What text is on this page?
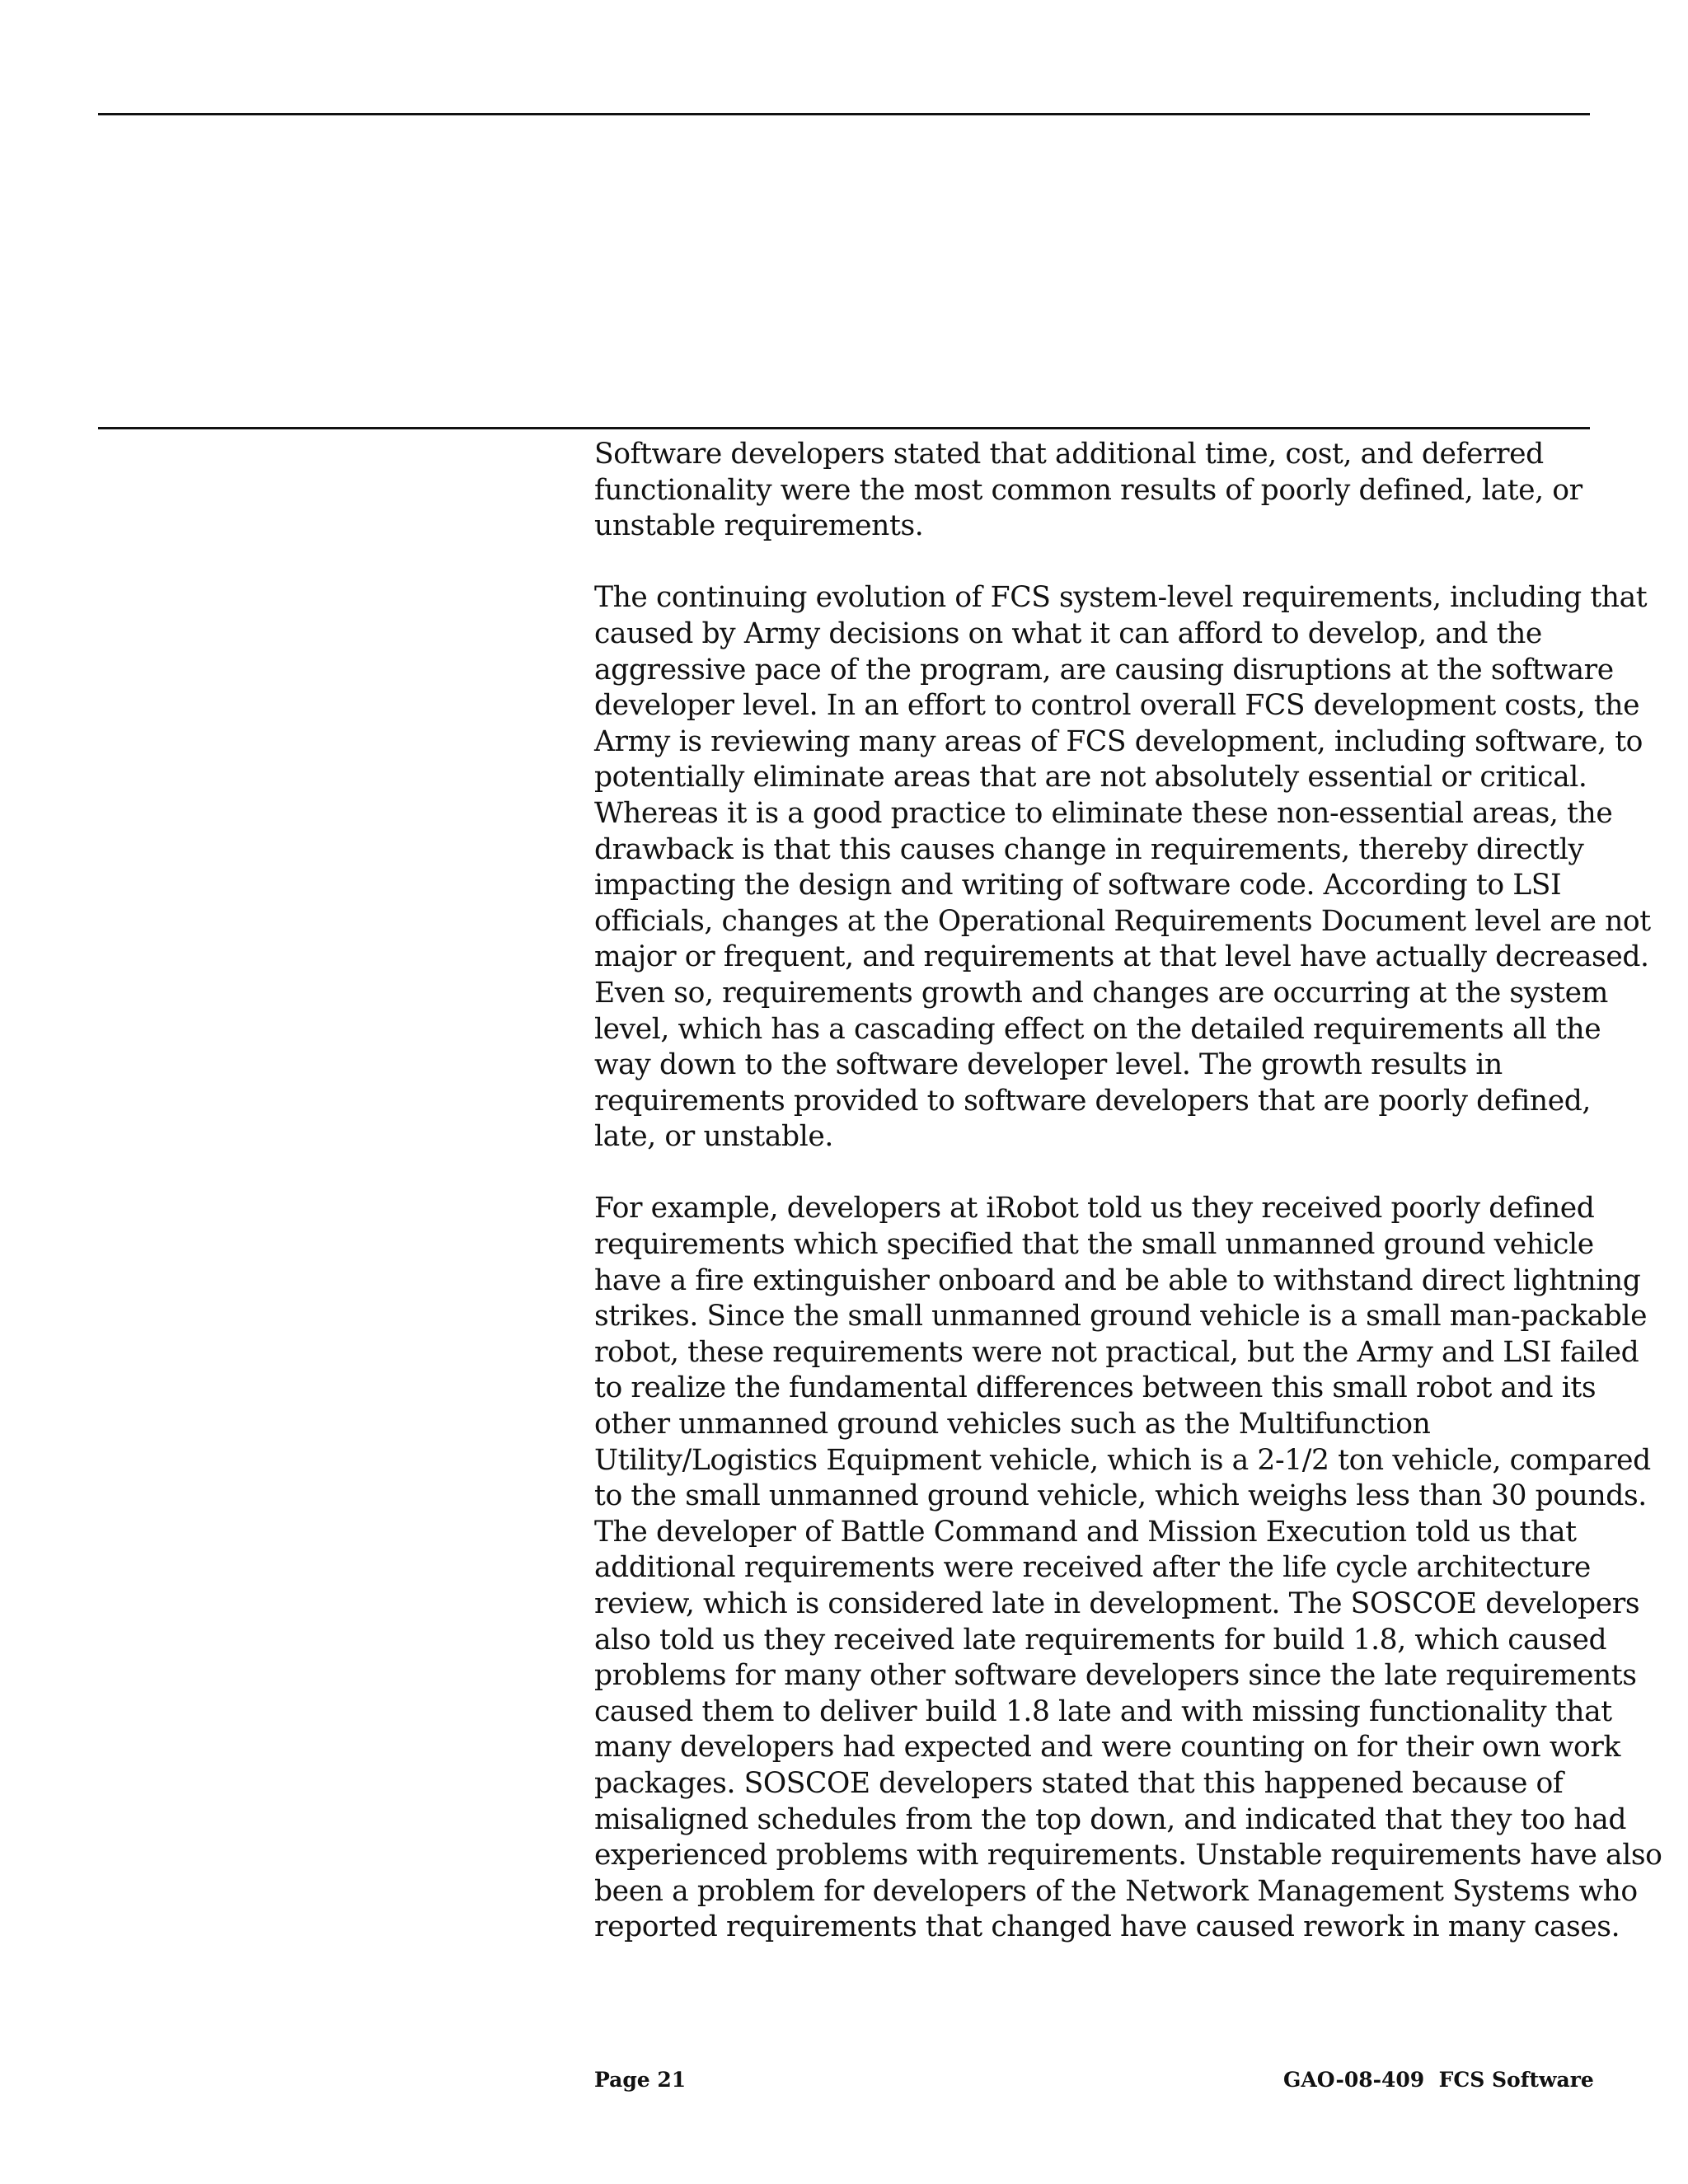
Software developers stated that additional time, cost, and deferred
functionality were the most common results of poorly defined, late, or
unstable requirements.

The continuing evolution of FCS system-level requirements, including that
caused by Army decisions on what it can afford to develop, and the
aggressive pace of the program, are causing disruptions at the software
developer level. In an effort to control overall FCS development costs, the
Army is reviewing many areas of FCS development, including software, to
potentially eliminate areas that are not absolutely essential or critical.
Whereas it is a good practice to eliminate these non-essential areas, the
drawback is that this causes change in requirements, thereby directly
impacting the design and writing of software code. According to LSI
officials, changes at the Operational Requirements Document level are not
major or frequent, and requirements at that level have actually decreased.
Even so, requirements growth and changes are occurring at the system
level, which has a cascading effect on the detailed requirements all the
way down to the software developer level. The growth results in
requirements provided to software developers that are poorly defined,
late, or unstable.

For example, developers at iRobot told us they received poorly defined
requirements which specified that the small unmanned ground vehicle
have a fire extinguisher onboard and be able to withstand direct lightning
strikes. Since the small unmanned ground vehicle is a small man-packable
robot, these requirements were not practical, but the Army and LSI failed
to realize the fundamental differences between this small robot and its
other unmanned ground vehicles such as the Multifunction
Utility/Logistics Equipment vehicle, which is a 2-1/2 ton vehicle, compared
to the small unmanned ground vehicle, which weighs less than 30 pounds.
The developer of Battle Command and Mission Execution told us that
additional requirements were received after the life cycle architecture
review, which is considered late in development. The SOSCOE developers
also told us they received late requirements for build 1.8, which caused
problems for many other software developers since the late requirements
caused them to deliver build 1.8 late and with missing functionality that
many developers had expected and were counting on for their own work
packages. SOSCOE developers stated that this happened because of
misaligned schedules from the top down, and indicated that they too had
experienced problems with requirements. Unstable requirements have also
been a problem for developers of the Network Management Systems who
reported requirements that changed have caused rework in many cases.

Page 21	GAO-08-409  FCS Software
